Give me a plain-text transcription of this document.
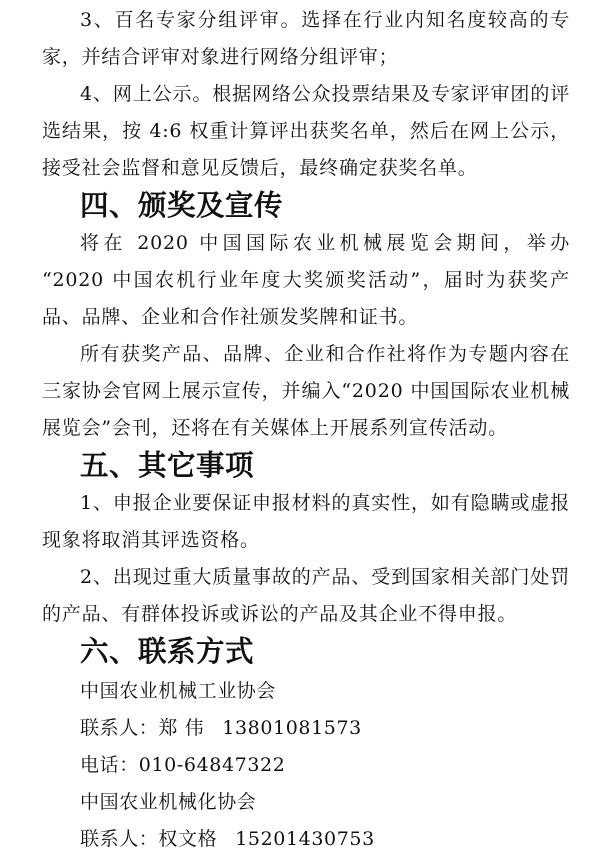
3、百名专家分组评审。选择在行业内知名度较高的专家，并结合评审对象进行网络分组评审；

4、网上公示。根据网络公众投票结果及专家评审团的评选结果，按 4:6 权重计算评出获奖名单，然后在网上公示，接受社会监督和意见反馈后，最终确定获奖名单。

四、颁奖及宣传

将在 2020 中国国际农业机械展览会期间，举办 “2020 中国农机行业年度大奖颁奖活动”，届时为获奖产品、品牌、企业和合作社颁发奖牌和证书。

所有获奖产品、品牌、企业和合作社将作为专题内容在三家协会官网上展示宣传，并编入“2020 中国国际农业机械展览会”会刊，还将在有关媒体上开展系列宣传活动。

五、其它事项

1、申报企业要保证申报材料的真实性，如有隐瞒或虚报现象将取消其评选资格。

2、出现过重大质量事故的产品、受到国家相关部门处罚的产品、有群体投诉或诉讼的产品及其企业不得申报。

六、联系方式

中国农业机械工业协会

联系人：郑 伟 13801081573

电话：010-64847322

中国农业机械化协会

联系人：权文格 15201430753
